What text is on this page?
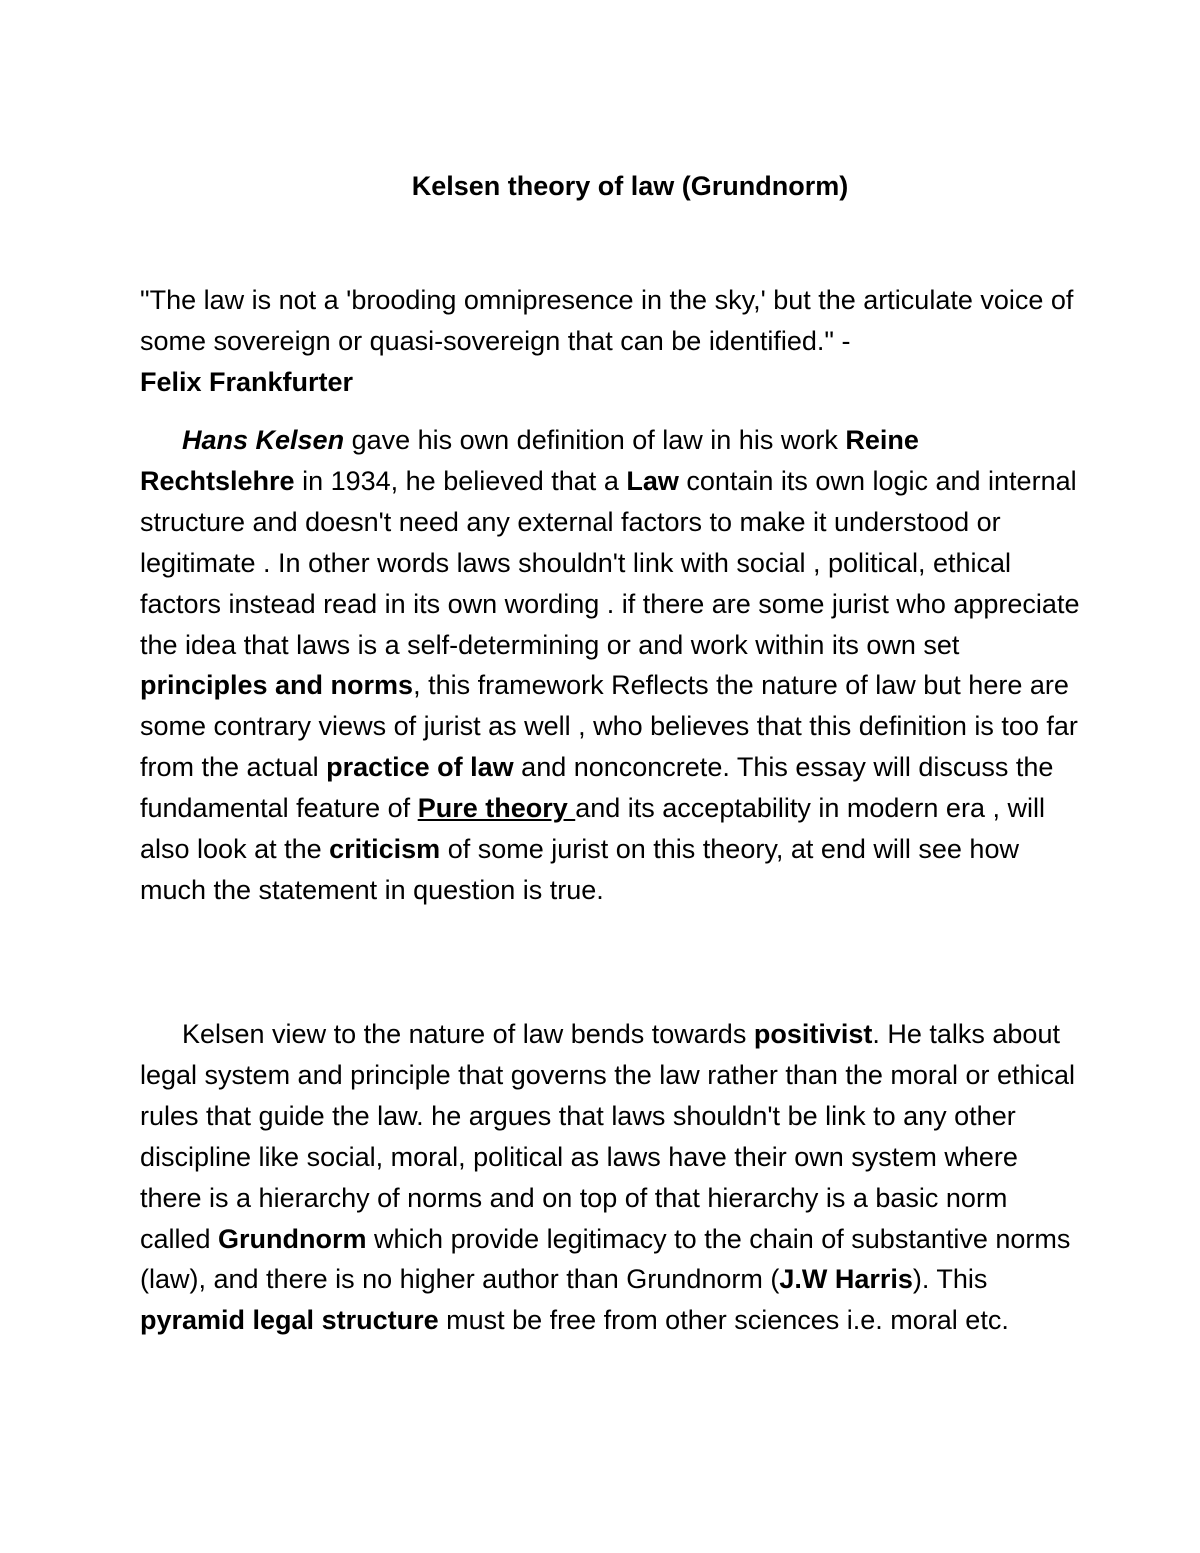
Kelsen theory of law (Grundnorm)
"The law is not a 'brooding omnipresence in the sky,' but the articulate voice of some sovereign or quasi-sovereign that can be identified." -
Felix Frankfurter
Hans Kelsen gave his own definition of law in his work Reine Rechtslehre in 1934, he believed that a Law contain its own logic and internal structure and doesn't need any external factors to make it understood or legitimate . In other words laws shouldn't link with social , political, ethical factors instead read in its own wording . if there are some jurist who appreciate the idea that laws is a self-determining or and work within its own set principles and norms, this framework Reflects the nature of law but here are some contrary views of jurist as well , who believes that this definition is too far from the actual practice of law and nonconcrete. This essay will discuss the fundamental feature of Pure theory and its acceptability in modern era , will also look at the criticism of some jurist on this theory, at end will see how much the statement in question is true.
Kelsen view to the nature of law bends towards positivist. He talks about legal system and principle that governs the law rather than the moral or ethical rules that guide the law. he argues that laws shouldn't be link to any other discipline like social, moral, political as laws have their own system where there is a hierarchy of norms and on top of that hierarchy is a basic norm called Grundnorm which provide legitimacy to the chain of substantive norms (law), and there is no higher author than Grundnorm (J.W Harris). This pyramid legal structure must be free from other sciences i.e. moral etc.
